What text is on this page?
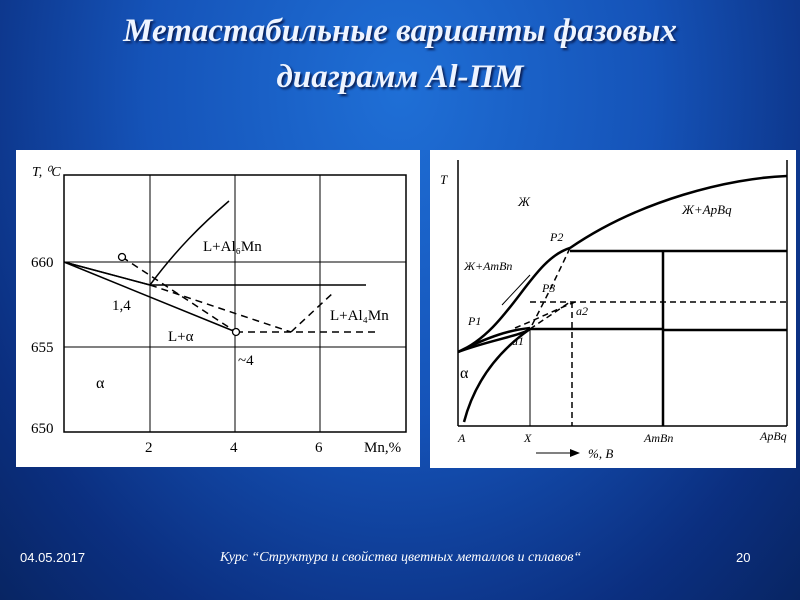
Метастабильные варианты фазовых
диаграмм Al-ПМ
T, ⁰C
660
655
650
2	4	6	Mn,%
L+Al₆Mn
L+Al₄Mn
L+α
α
1,4
~4
T
Ж
Ж+ApBq
Ж+AmBn
P2
P3
P1
a2
a1
α
A	X	AmBn	ApBq
%, B
04.05.2017	Курс “Структура и свойства цветных металлов и сплавов“	20
